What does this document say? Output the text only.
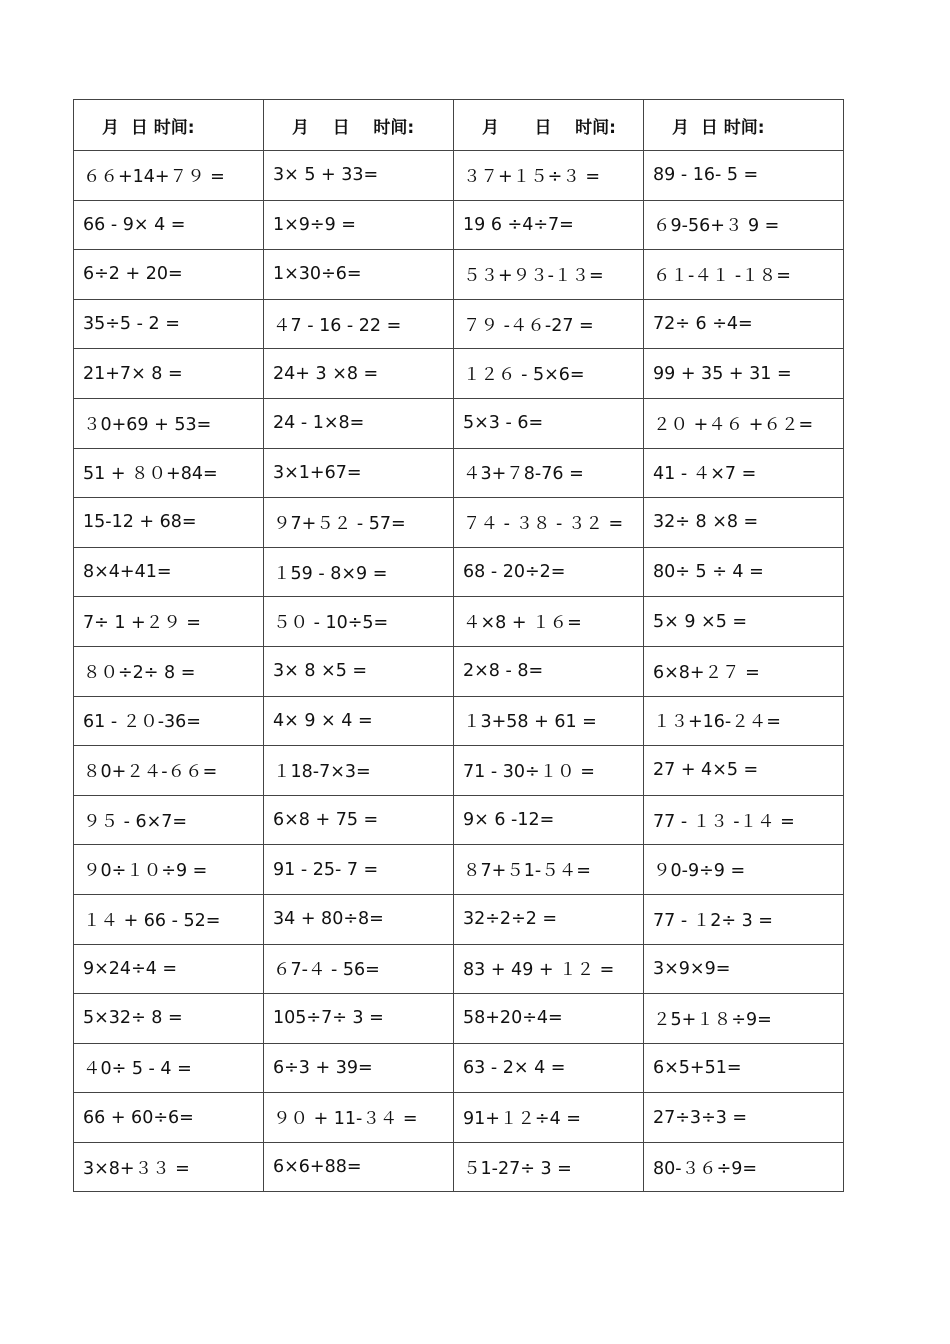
月  日 时间:	月    日    时间:	月      日    时间:	月  日 时间:
６６+14+７９ =	3× 5 + 33=	３７+１５÷３ =	89 - 16- 5 =
66 - 9× 4 =	1×9÷9 =	19 6 ÷4÷7=	６9-56+３ 9 =
6÷2 + 20=	1×30÷6=	５３+９３-１３=	６１-４１ -１８=
35÷5 - 2 =	４7 - 16 - 22 =	７９ -４６-27 =	72÷ 6 ÷4=
21+7× 8 =	24+ 3 ×8 =	１２６ - 5×6=	99 + 35 + 31 =
３0+69 + 53=	24 - 1×8=	5×3 - 6=	２０ +４６ +６２=
51 + ８０+84=	3×1+67=	４3+７8-76 =	41 - ４×7 =
15-12 + 68=	９7+５２ - 57=	７４ - ３８ - ３２ =	32÷ 8 ×8 =
8×4+41=	１59 - 8×9 =	68 - 20÷2=	80÷ 5 ÷ 4 =
7÷ 1 +２９ =	５０ - 10÷5=	４×8 + １６=	5× 9 ×5 =
８０÷2÷ 8 =	3× 8 ×5 =	2×8 - 8=	6×8+２７ =
61 - ２０-36=	4× 9 × 4 =	１3+58 + 61 =	１３+16-２４=
８0+２４-６６=	１18-7×3=	71 - 30÷１０ =	27 + 4×5 =
９５ - 6×7=	6×8 + 75 =	9× 6 -12=	77 - １３ -１４ =
９0÷１０÷9 =	91 - 25- 7 =	８7+５1-５４=	９0-9÷9 =
１４ + 66 - 52=	34 + 80÷8=	32÷2÷2 =	77 - １2÷ 3 =
9×24÷4 =	６7-４ - 56=	83 + 49 + １２ =	3×9×9=
5×32÷ 8 =	105÷7÷ 3 =	58+20÷4=	２5+１８÷9=
４0÷ 5 - 4 =	6÷3 + 39=	63 - 2× 4 =	6×5+51=
66 + 60÷6=	９０ + 11-３４ =	91+１２÷4 =	27÷3÷3 =
3×8+３３ =	6×6+88=	５1-27÷ 3 =	80-３６÷9=
